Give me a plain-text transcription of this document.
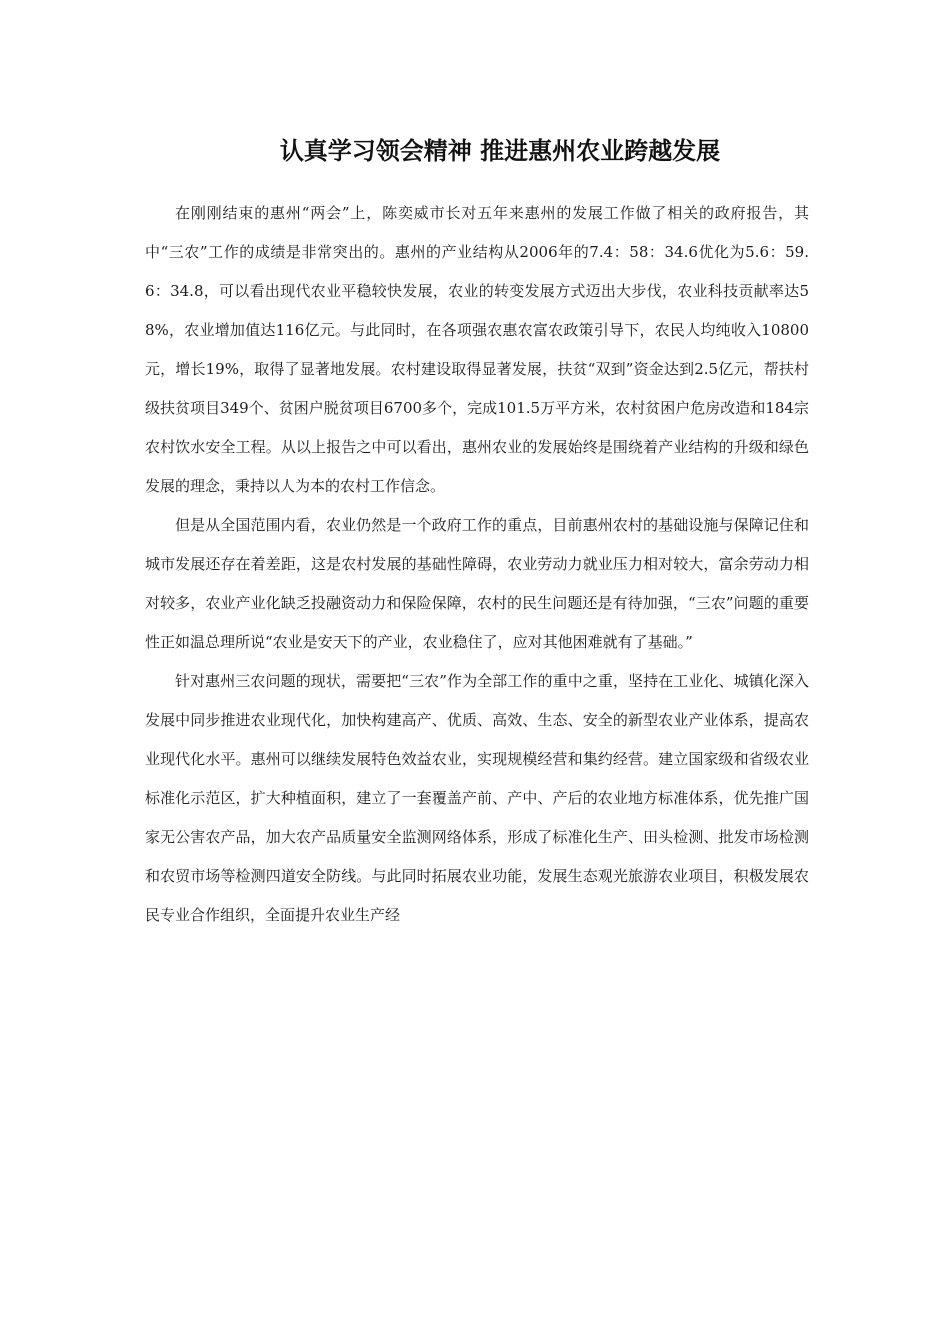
认真学习领会精神 推进惠州农业跨越发展

在刚刚结束的惠州“两会”上，陈奕威市长对五年来惠州的发展工作做了相关的政府报告，其中“三农”工作的成绩是非常突出的。惠州的产业结构从2006年的7.4：58：34.6优化为5.6：59.6：34.8，可以看出现代农业平稳较快发展，农业的转变发展方式迈出大步伐，农业科技贡献率达58%，农业增加值达116亿元。与此同时，在各项强农惠农富农政策引导下，农民人均纯收入10800元，增长19%，取得了显著地发展。农村建设取得显著发展，扶贫“双到”资金达到2.5亿元，帮扶村级扶贫项目349个、贫困户脱贫项目6700多个，完成101.5万平方米，农村贫困户危房改造和184宗农村饮水安全工程。从以上报告之中可以看出，惠州农业的发展始终是围绕着产业结构的升级和绿色发展的理念，秉持以人为本的农村工作信念。

但是从全国范围内看，农业仍然是一个政府工作的重点，目前惠州农村的基础设施与保障记住和城市发展还存在着差距，这是农村发展的基础性障碍，农业劳动力就业压力相对较大，富余劳动力相对较多，农业产业化缺乏投融资动力和保险保障，农村的民生问题还是有待加强，“三农”问题的重要性正如温总理所说“农业是安天下的产业，农业稳住了，应对其他困难就有了基础。”

针对惠州三农问题的现状，需要把“三农”作为全部工作的重中之重，坚持在工业化、城镇化深入发展中同步推进农业现代化，加快构建高产、优质、高效、生态、安全的新型农业产业体系，提高农业现代化水平。惠州可以继续发展特色效益农业，实现规模经营和集约经营。建立国家级和省级农业标准化示范区，扩大种植面积，建立了一套覆盖产前、产中、产后的农业地方标准体系，优先推广国家无公害农产品，加大农产品质量安全监测网络体系，形成了标准化生产、田头检测、批发市场检测和农贸市场等检测四道安全防线。与此同时拓展农业功能，发展生态观光旅游农业项目，积极发展农民专业合作组织，全面提升农业生产经
